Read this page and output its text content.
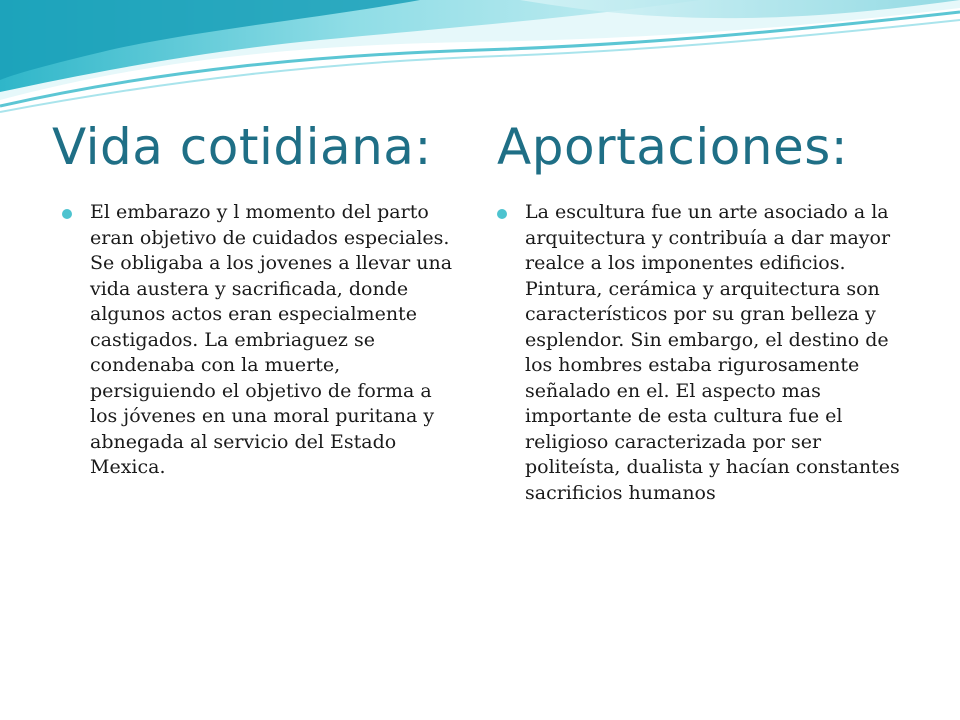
Vida cotidiana: Aportaciones:
El embarazo y l momento del parto eran objetivo de cuidados especiales. Se obligaba a los jovenes a llevar una vida austera y sacrificada, donde algunos actos eran especialmente castigados. La embriaguez se condenaba con la muerte, persiguiendo el objetivo de forma a los jóvenes en una moral puritana y abnegada al servicio del Estado Mexica.
La escultura fue un arte asociado a la arquitectura y contribuía a dar mayor realce a los imponentes edificios. Pintura, cerámica y arquitectura son característicos por su gran belleza y esplendor. Sin embargo, el destino de los hombres estaba rigurosamente señalado en el. El aspecto mas importante de esta cultura fue el religioso caracterizada por ser politeísta, dualista y hacían constantes sacrificios humanos
